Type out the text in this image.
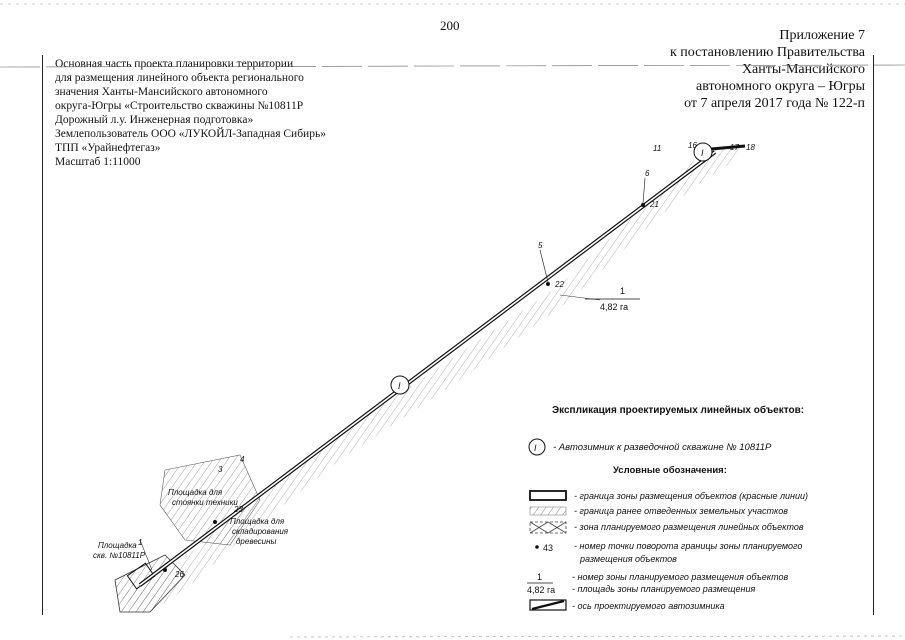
200
Приложение 7
к постановлению Правительства
Ханты-Мансийского
автономного округа – Югры
от 7 апреля 2017 года № 122-п
Основная часть проекта планировки территории
для размещения линейного объекта регионального
значения Ханты-Мансийского автономного
округа-Югры «Строительство скважины №10811Р
Дорожный л.у. Инженерная подготовка»
Землепользователь ООО «ЛУКОЙЛ-Западная Сибирь»
ТПП «Урайнефтегаз»
Масштаб 1:11000
I
I
1
4,82 га
11	16	17 18
6
21
5
22
3
4
23
1
26
Площадка для
стоянки техники
Площадка для
складирования
древесины
Площадка
скв. №10811Р
Экспликация проектируемых линейных объектов:
I - Автозимник к разведочной скважине № 10811Р
Условные обозначения:
- граница зоны размещения объектов (красные линии)
- граница ранее отведенных земельных участков
- зона планируемого размещения линейных объектов
43 - номер точки поворота границы зоны планируемого
размещения объектов
1
4,82 га
- номер зоны планируемого размещения объектов
- площадь зоны планируемого размещения
- ось проектируемого автозимника
